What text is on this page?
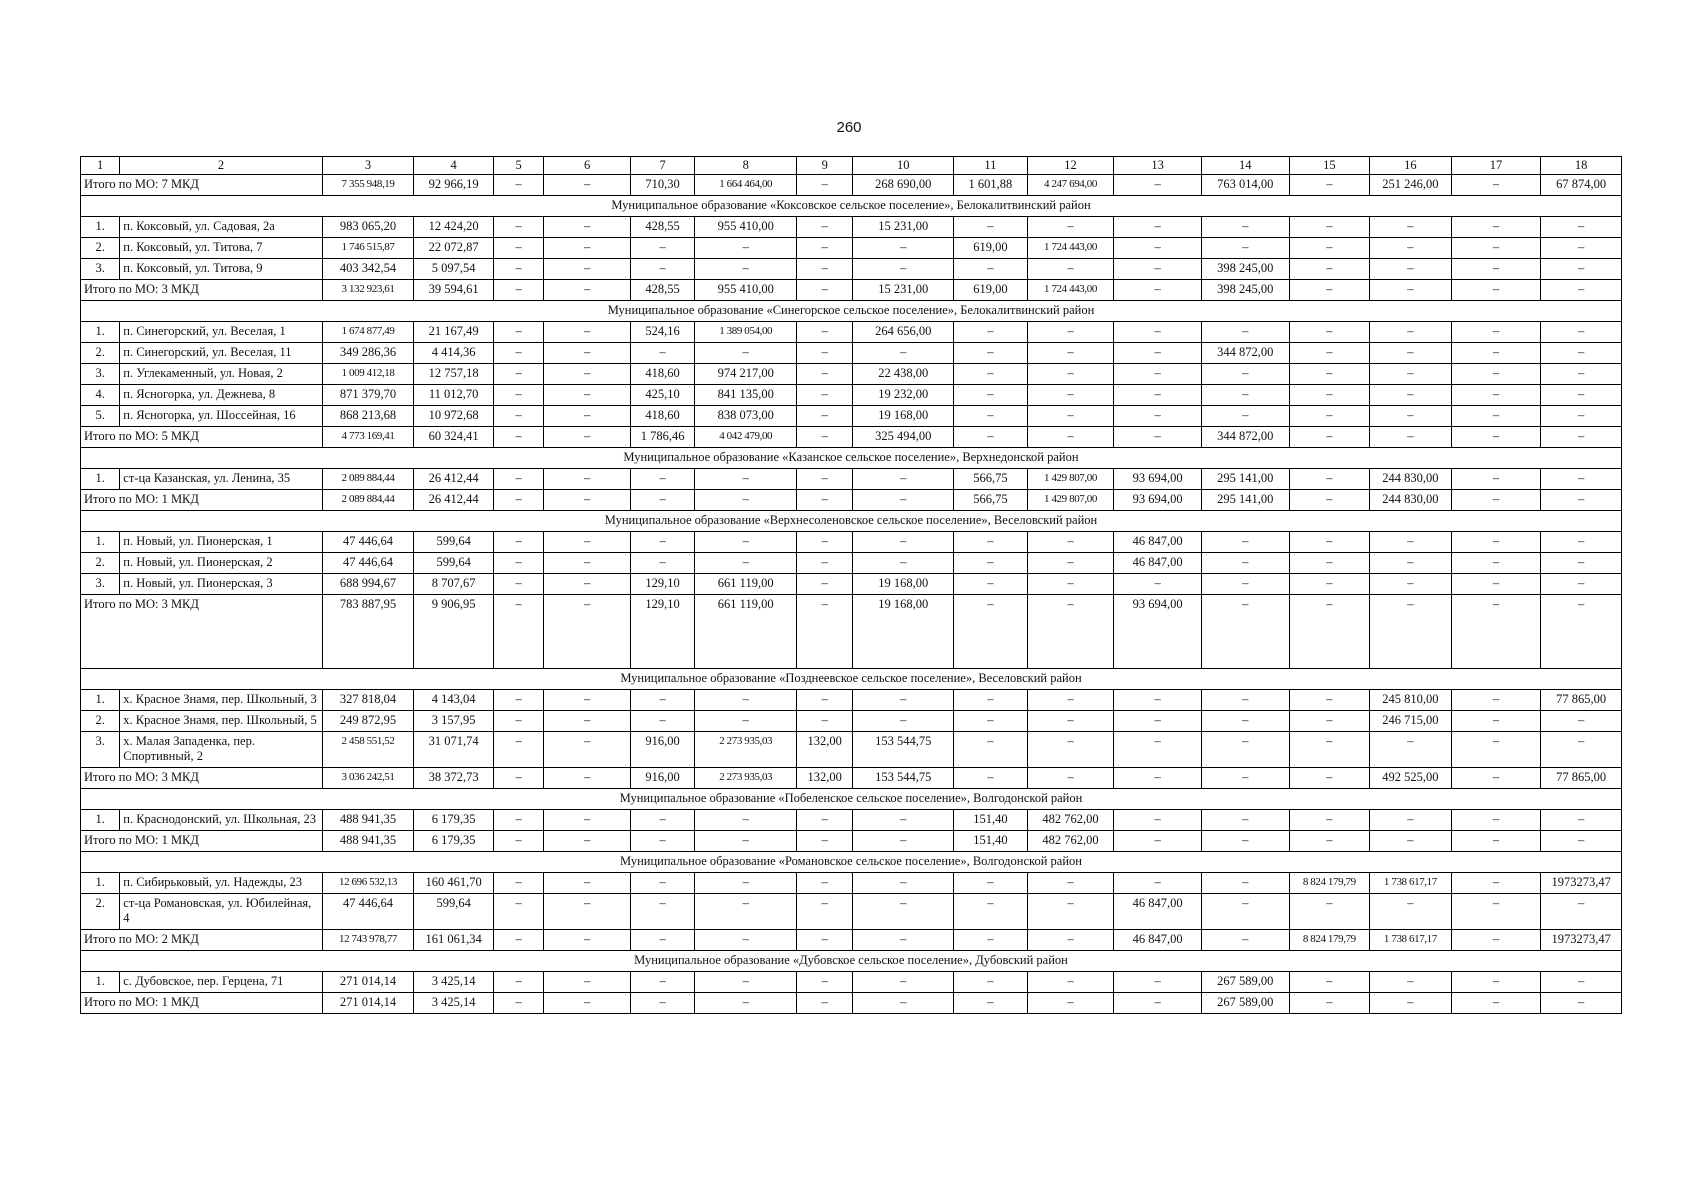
260
1	2	3	4	5	6	7	8	9	10	11	12	13	14	15	16	17	18
Итого по МО: 7 МКД		7 355 948,19	92 966,19	–	–	710,30	1 664 464,00	–	268 690,00	1 601,88	4 247 694,00	–	763 014,00	–	251 246,00	–	67 874,00
Муниципальное образование «Коксовское сельское поселение», Белокалитвинский район																	
1.	п. Коксовый, ул. Садовая, 2а	983 065,20	12 424,20	–	–	428,55	955 410,00	–	15 231,00	–	–	–	–	–	–	–	–
2.	п. Коксовый, ул. Титова, 7	1 746 515,87	22 072,87	–	–	–	–	–	–	619,00	1 724 443,00	–	–	–	–	–	–
3.	п. Коксовый, ул. Титова, 9	403 342,54	5 097,54	–	–	–	–	–	–	–	–	–	398 245,00	–	–	–	–
Итого по МО: 3 МКД		3 132 923,61	39 594,61	–	–	428,55	955 410,00	–	15 231,00	619,00	1 724 443,00	–	398 245,00	–	–	–	–
Муниципальное образование «Синегорское сельское поселение», Белокалитвинский район																	
1.	п. Синегорский, ул. Веселая, 1	1 674 877,49	21 167,49	–	–	524,16	1 389 054,00	–	264 656,00	–	–	–	–	–	–	–	–
2.	п. Синегорский, ул. Веселая, 11	349 286,36	4 414,36	–	–	–	–	–	–	–	–	–	344 872,00	–	–	–	–
3.	п. Углекаменный, ул. Новая, 2	1 009 412,18	12 757,18	–	–	418,60	974 217,00	–	22 438,00	–	–	–	–	–	–	–	–
4.	п. Ясногорка, ул. Дежнева, 8	871 379,70	11 012,70	–	–	425,10	841 135,00	–	19 232,00	–	–	–	–	–	–	–	–
5.	п. Ясногорка, ул. Шоссейная, 16	868 213,68	10 972,68	–	–	418,60	838 073,00	–	19 168,00	–	–	–	–	–	–	–	–
Итого по МО: 5 МКД		4 773 169,41	60 324,41	–	–	1 786,46	4 042 479,00	–	325 494,00	–	–	–	344 872,00	–	–	–	–
Муниципальное образование «Казанское сельское поселение», Верхнедонской район																	
1.	ст-ца Казанская, ул. Ленина, 35	2 089 884,44	26 412,44	–	–	–	–	–	–	566,75	1 429 807,00	93 694,00	295 141,00	–	244 830,00	–	–
Итого по МО: 1 МКД		2 089 884,44	26 412,44	–	–	–	–	–	–	566,75	1 429 807,00	93 694,00	295 141,00	–	244 830,00	–	–
Муниципальное образование «Верхнесоленовское сельское поселение», Веселовский район																	
1.	п. Новый, ул. Пионерская, 1	47 446,64	599,64	–	–	–	–	–	–	–	–	46 847,00	–	–	–	–	–
2.	п. Новый, ул. Пионерская, 2	47 446,64	599,64	–	–	–	–	–	–	–	–	46 847,00	–	–	–	–	–
3.	п. Новый, ул. Пионерская, 3	688 994,67	8 707,67	–	–	129,10	661 119,00	–	19 168,00	–	–	–	–	–	–	–	–
Итого по МО: 3 МКД		783 887,95	9 906,95	–	–	129,10	661 119,00	–	19 168,00	–	–	93 694,00	–	–	–	–	–
Муниципальное образование «Позднеевское сельское поселение», Веселовский район																	
1.	х. Красное Знамя, пер. Школьный, 3	327 818,04	4 143,04	–	–	–	–	–	–	–	–	–	–	–	245 810,00	–	77 865,00
2.	х. Красное Знамя, пер. Школьный, 5	249 872,95	3 157,95	–	–	–	–	–	–	–	–	–	–	–	246 715,00	–	–
3.	х. Малая Западенка, пер. Спортивный, 2	2 458 551,52	31 071,74	–	–	916,00	2 273 935,03	132,00	153 544,75	–	–	–	–	–	–	–	–
Итого по МО: 3 МКД		3 036 242,51	38 372,73	–	–	916,00	2 273 935,03	132,00	153 544,75	–	–	–	–	–	492 525,00	–	77 865,00
Муниципальное образование «Побеленское сельское поселение», Волгодонской район																	
1.	п. Краснодонский, ул. Школьная, 23	488 941,35	6 179,35	–	–	–	–	–	–	151,40	482 762,00	–	–	–	–	–	–
Итого по МО: 1 МКД		488 941,35	6 179,35	–	–	–	–	–	–	151,40	482 762,00	–	–	–	–	–	–
Муниципальное образование «Романовское сельское поселение», Волгодонской район																	
1.	п. Сибирьковый, ул. Надежды, 23	12 696 532,13	160 461,70	–	–	–	–	–	–	–	–	–	–	8 824 179,79	1 738 617,17	–	1973273,47
2.	ст-ца Романовская, ул. Юбилейная, 4	47 446,64	599,64	–	–	–	–	–	–	–	–	46 847,00	–	–	–	–	–
Итого по МО: 2 МКД		12 743 978,77	161 061,34	–	–	–	–	–	–	–	–	46 847,00	–	8 824 179,79	1 738 617,17	–	1973273,47
Муниципальное образование «Дубовское сельское поселение», Дубовский район																	
1.	с. Дубовское, пер. Герцена, 71	271 014,14	3 425,14	–	–	–	–	–	–	–	–	–	267 589,00	–	–	–	–
Итого по МО: 1 МКД		271 014,14	3 425,14	–	–	–	–	–	–	–	–	–	267 589,00	–	–	–	–
